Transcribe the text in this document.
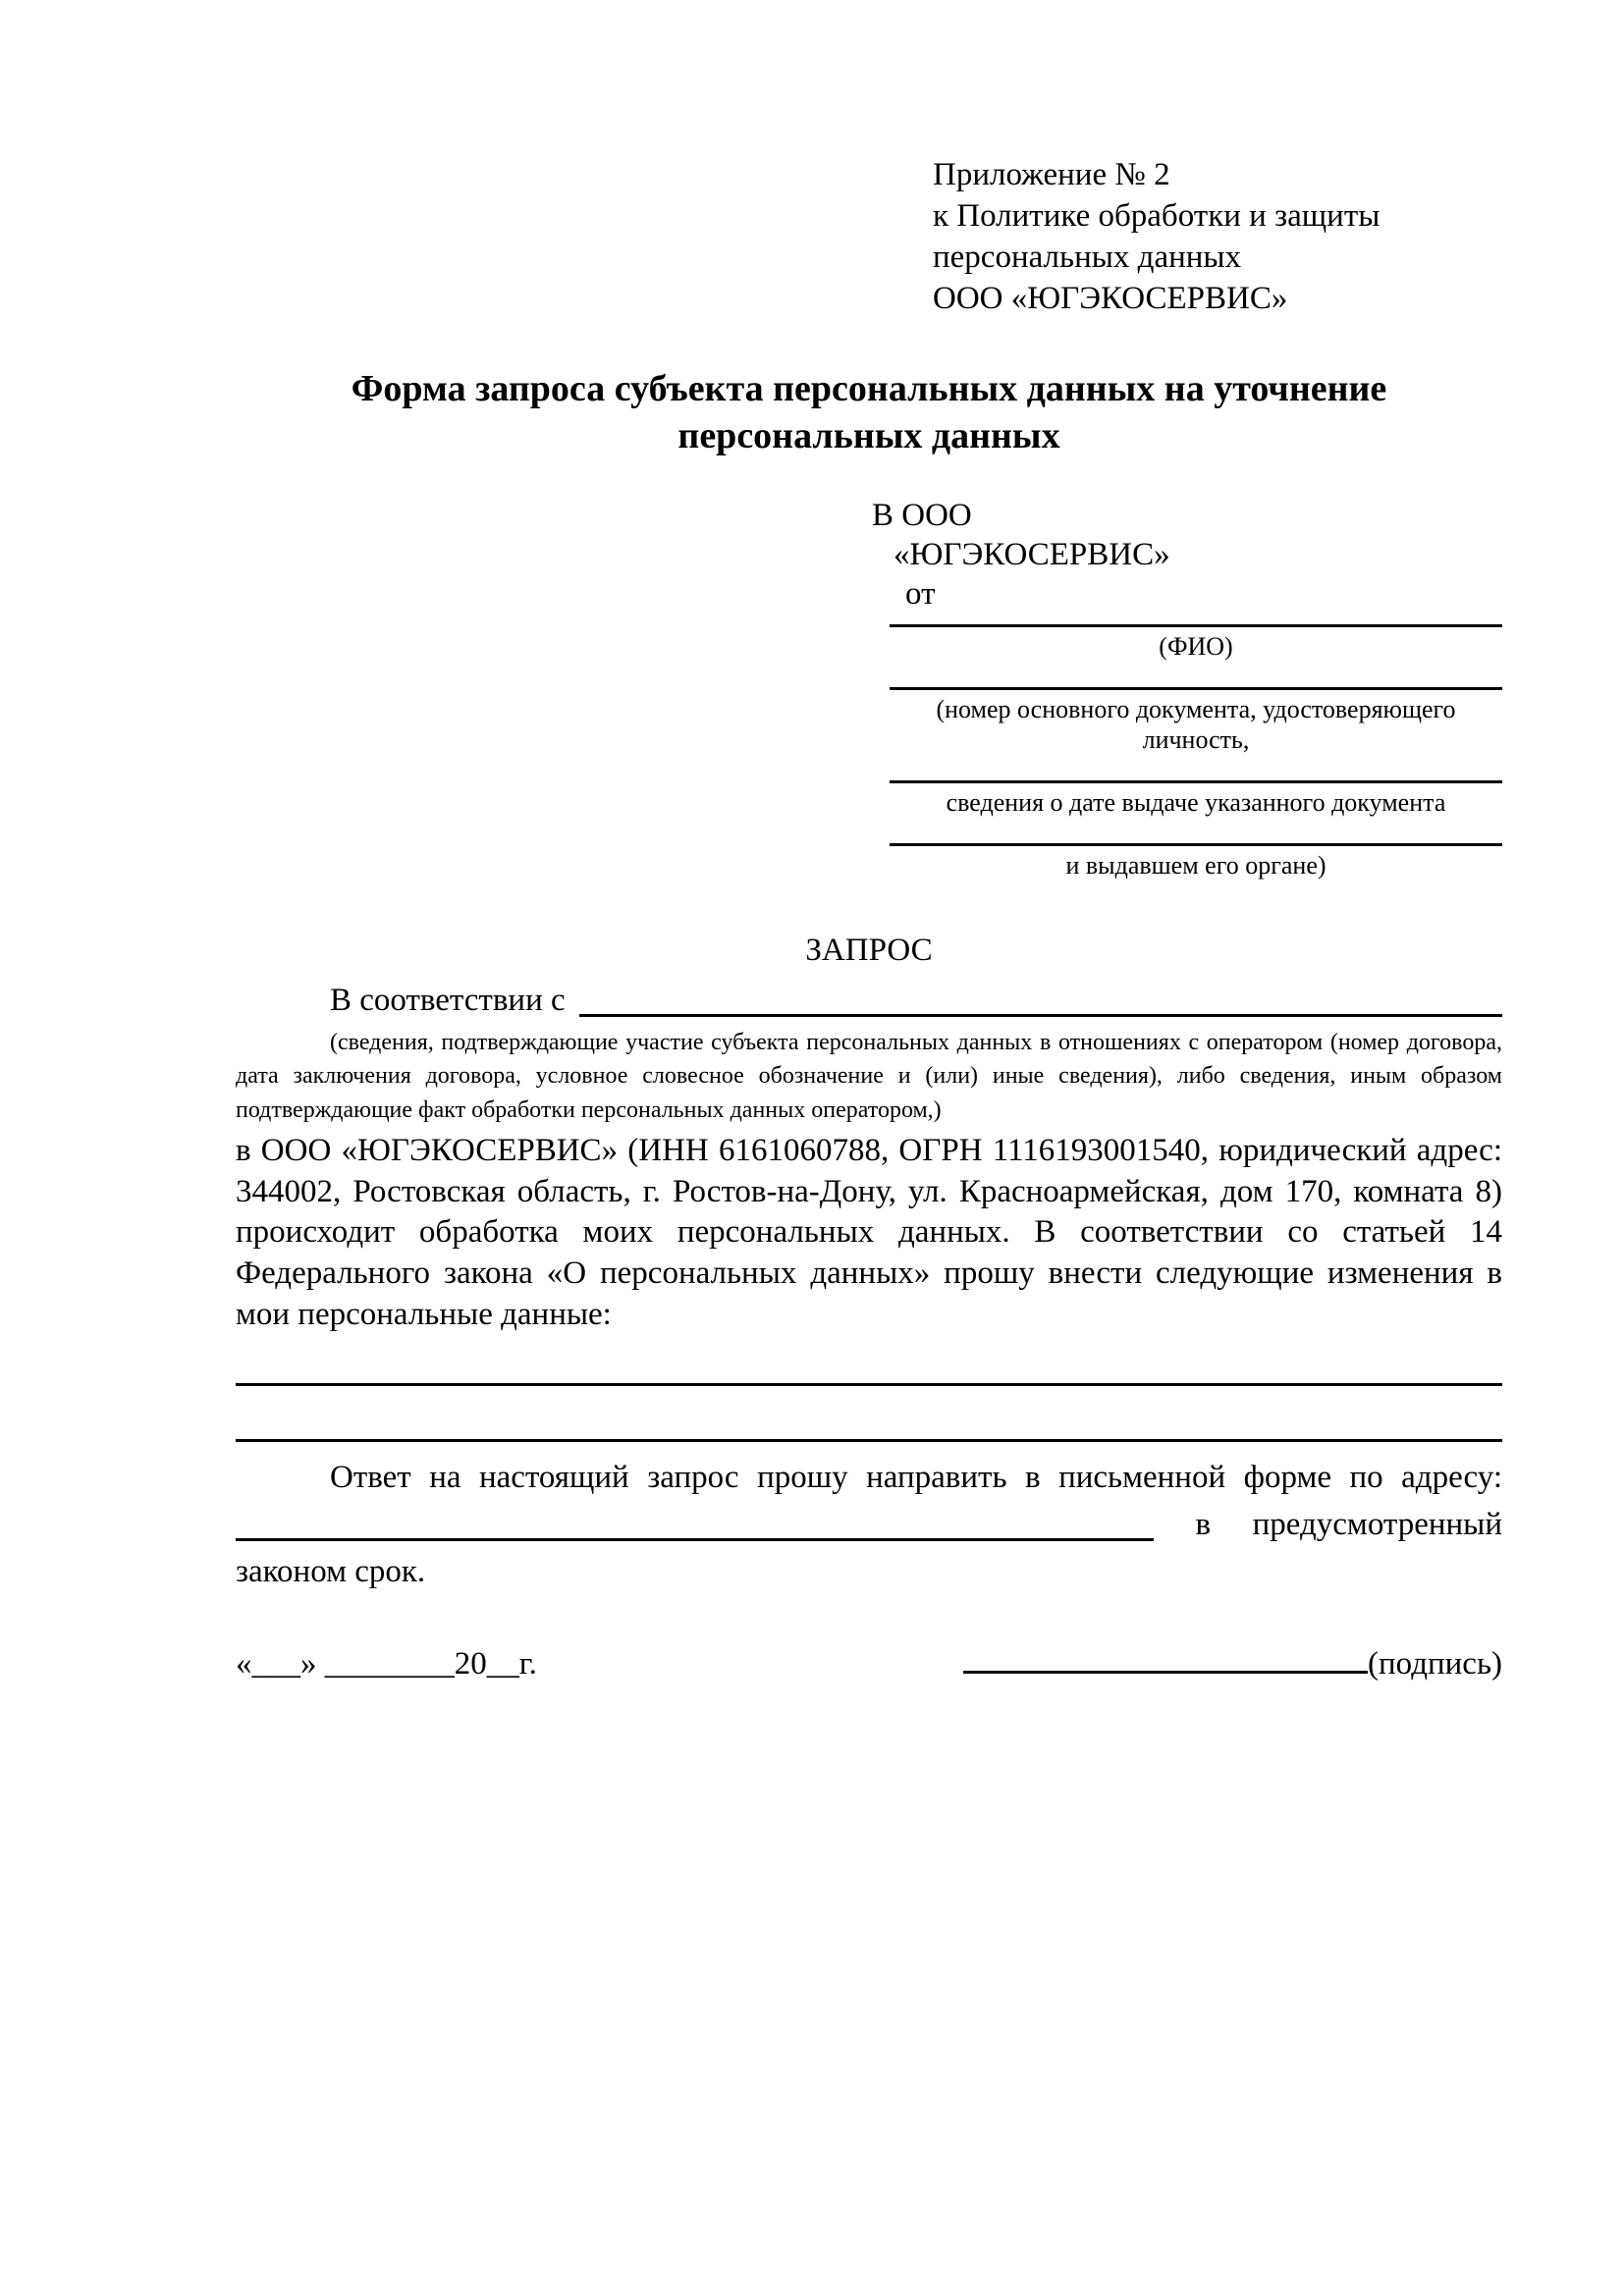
Приложение № 2
к Политике обработки и защиты персональных данных
ООО «ЮГЭКОСЕРВИС»
Форма запроса субъекта персональных данных на уточнение персональных данных
В ООО
«ЮГЭКОСЕРВИС»
от
(ФИО)
(номер основного документа, удостоверяющего личность,
сведения о дате выдаче указанного документа
и выдавшем его органе)
ЗАПРОС
В соответствии с
(сведения, подтверждающие участие субъекта персональных данных в отношениях с оператором (номер договора, дата заключения договора, условное словесное обозначение и (или) иные сведения), либо сведения, иным образом подтверждающие факт обработки персональных данных оператором,)
в ООО «ЮГЭКОСЕРВИС» (ИНН 6161060788, ОГРН 1116193001540, юридический адрес: 344002, Ростовская область, г. Ростов-на-Дону, ул. Красноармейская, дом 170, комната 8) происходит обработка моих персональных данных. В соответствии со статьей 14 Федерального закона «О персональных данных» прошу внести следующие изменения в мои персональные данные:
Ответ на настоящий запрос прошу направить в письменной форме по адресу:
в предусмотренный
законом срок.
«___» ________20__г.	(подпись)
